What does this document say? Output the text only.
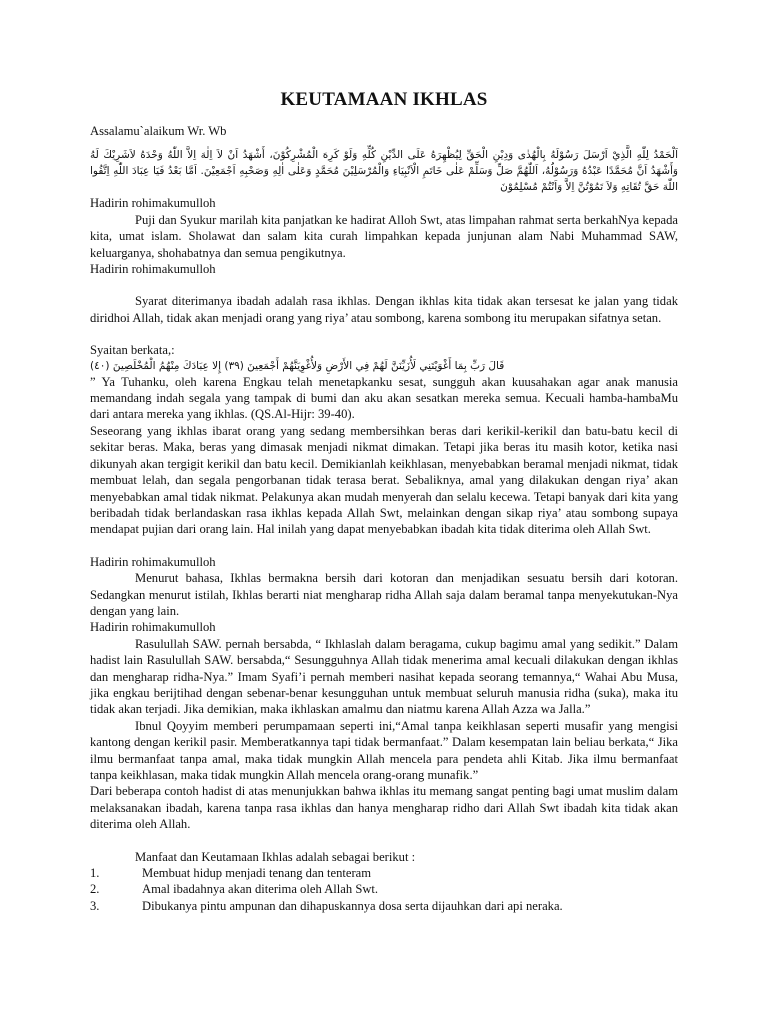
KEUTAMAAN IKHLAS

Assalamu`alaikum Wr. Wb

اَلْحَمْدُ لِلّٰهِ الَّذِيْ اَرْسَلَ رَسُوْلَهُ بِالْهُدٰى وَدِيْنِ الْحَقِّ لِيُظْهِرَهُ عَلَى الدِّيْنِ كُلِّهِ وَلَوْ كَرِهَ الْمُشْرِكُوْنَ، أَشْهَدُ اَنْ لاَ اِلٰهَ اِلاَّ اللّٰهُ وَحْدَهُ لاَشَرِيْكَ لَهُ وَأَشْهَدُ اَنَّ مُحَمَّدًا عَبْدُهُ وَرَسُوْلُهُ، اَللّٰهُمَّ صَلِّ وَسَلِّمْ عَلٰى خَاتَمِ الْاَنْبِيَاءِ وَالْمُرْسَلِيْنَ مُحَمَّدٍ وَعَلٰى اٰلِهِ وَصَحْبِهِ اَجْمَعِيْنَ. اَمَّا بَعْدُ فَيَا عِبَادَ اللّٰهِ اِتَّقُوا اللّٰهَ حَقَّ تُقَاتِهِ وَلاَ تَمُوْتُنَّ اِلاَّ وَاَنْتُمْ مُسْلِمُوْنَ

Hadirin rohimakumulloh

Puji dan Syukur marilah kita panjatkan ke hadirat Alloh Swt, atas limpahan rahmat serta berkahNya kepada kita, umat islam. Sholawat dan salam kita curah limpahkan kepada junjunan alam Nabi Muhammad SAW, keluarganya, shohabatnya dan semua pengikutnya.

Hadirin rohimakumulloh

Syarat diterimanya ibadah adalah rasa ikhlas. Dengan ikhlas kita tidak akan tersesat ke jalan yang tidak diridhoi Allah, tidak akan menjadi orang yang riya’ atau sombong, karena sombong itu merupakan sifatnya setan.

Syaitan berkata,:

قَالَ رَبِّ بِمَا أَغْوَيْتَنِي لَأُزَيِّنَنَّ لَهُمْ فِي الأَرْضِ وَلأُغْوِيَنَّهُمْ أَجْمَعِينَ (٣٩) إِلا عِبَادَكَ مِنْهُمُ الْمُخْلَصِينَ (٤٠)

” Ya Tuhanku, oleh karena Engkau telah menetapkanku sesat, sungguh akan kuusahakan agar anak manusia memandang indah segala yang tampak di bumi dan aku akan sesatkan mereka semua. Kecuali hamba-hambaMu dari antara mereka yang ikhlas. (QS.Al-Hijr: 39-40).

Seseorang yang ikhlas ibarat orang yang sedang membersihkan beras dari kerikil-kerikil dan batu-batu kecil di sekitar beras. Maka, beras yang dimasak menjadi nikmat dimakan. Tetapi jika beras itu masih kotor, ketika nasi dikunyah akan tergigit kerikil dan batu kecil. Demikianlah keikhlasan, menyebabkan beramal menjadi nikmat, tidak membuat lelah, dan segala pengorbanan tidak terasa berat. Sebaliknya, amal yang dilakukan dengan riya’ akan menyebabkan amal tidak nikmat. Pelakunya akan mudah menyerah dan selalu kecewa. Tetapi banyak dari kita yang beribadah tidak berlandaskan rasa ikhlas kepada Allah Swt, melainkan dengan sikap riya’ atau sombong supaya mendapat pujian dari orang lain. Hal inilah yang dapat menyebabkan ibadah kita tidak diterima oleh Allah Swt.

Hadirin rohimakumulloh

Menurut bahasa, Ikhlas bermakna bersih dari kotoran dan menjadikan sesuatu bersih dari kotoran. Sedangkan menurut istilah, Ikhlas berarti niat mengharap ridha Allah saja dalam beramal tanpa menyekutukan-Nya dengan yang lain.

Hadirin rohimakumulloh

Rasulullah SAW. pernah bersabda, “ Ikhlaslah dalam beragama, cukup bagimu amal yang sedikit.” Dalam hadist lain Rasulullah SAW. bersabda,“ Sesungguhnya Allah tidak menerima amal kecuali dilakukan dengan ikhlas dan mengharap ridha-Nya.” Imam Syafi’i pernah memberi nasihat kepada seorang temannya,“ Wahai Abu Musa, jika engkau berijtihad dengan sebenar-benar kesungguhan untuk membuat seluruh manusia ridha (suka), maka itu tidak akan terjadi. Jika demikian, maka ikhlaskan amalmu dan niatmu karena Allah Azza wa Jalla.”

Ibnul Qoyyim memberi perumpamaan seperti ini,“Amal tanpa keikhlasan seperti musafir yang mengisi kantong dengan kerikil pasir. Memberatkannya tapi tidak bermanfaat.” Dalam kesempatan lain beliau berkata,“ Jika ilmu bermanfaat tanpa amal, maka tidak mungkin Allah mencela para pendeta ahli Kitab. Jika ilmu bermanfaat tanpa keikhlasan, maka tidak mungkin Allah mencela orang-orang munafik.”

Dari beberapa contoh hadist di atas menunjukkan bahwa ikhlas itu memang sangat penting bagi umat muslim dalam melaksanakan ibadah, karena tanpa rasa ikhlas dan hanya mengharap ridho dari Allah Swt ibadah kita tidak akan diterima oleh Allah.

Manfaat dan Keutamaan Ikhlas adalah sebagai berikut :

1.	Membuat hidup menjadi tenang dan tenteram
2.	Amal ibadahnya akan diterima oleh Allah Swt.
3.	Dibukanya pintu ampunan dan dihapuskannya dosa serta dijauhkan dari api neraka.
